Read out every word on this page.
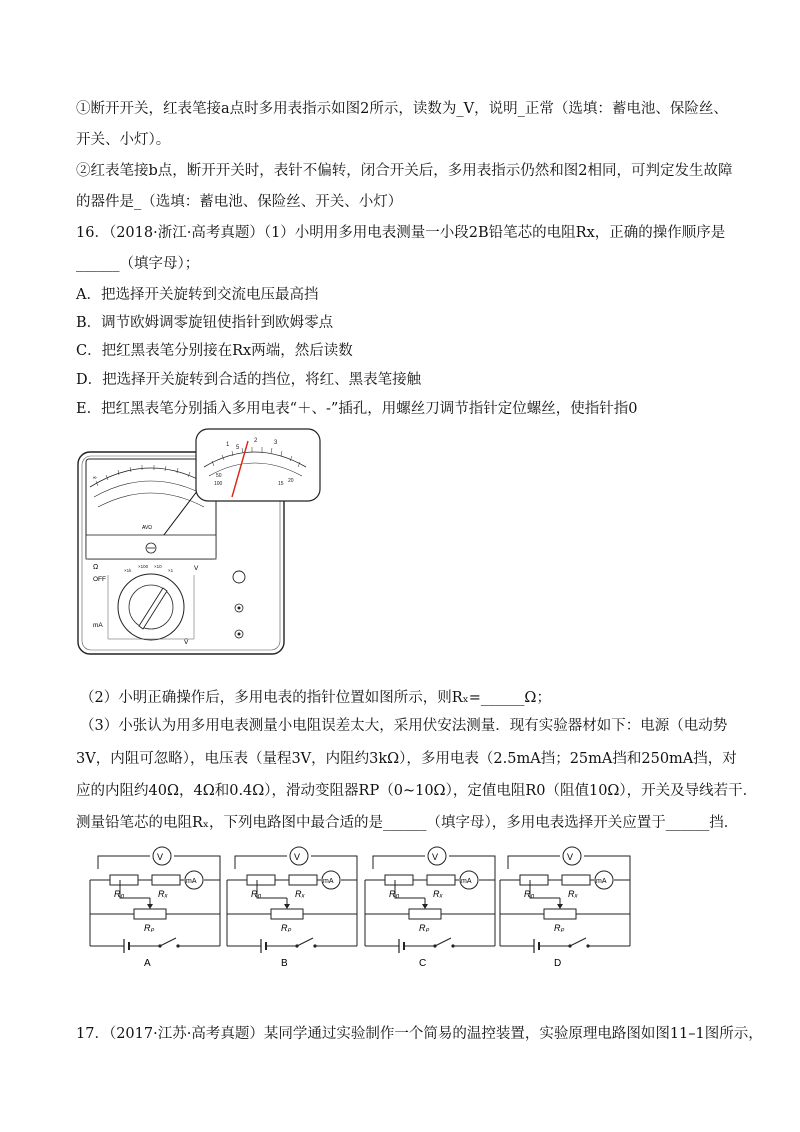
①断开开关，红表笔接a点时多用表指示如图2所示，读数为_V，说明_正常（选填：蓄电池、保险丝、
开关、小灯）。
②红表笔接b点，断开开关时，表针不偏转，闭合开关后，多用表指示仍然和图2相同，可判定发生故障
的器件是_（选填：蓄电池、保险丝、开关、小灯）
16．（2018·浙江·高考真题）（1）小明用多用电表测量一小段2B铅笔芯的电阻Rx，正确的操作顺序是
______（填字母）；
A．把选择开关旋转到交流电压最高挡
B．调节欧姆调零旋钮使指针到欧姆零点
C．把红黑表笔分别接在Rx两端，然后读数
D．把选择开关旋转到合适的挡位，将红、黑表笔接触
E．把红黑表笔分别插入多用电表“＋、-”插孔，用螺丝刀调节指针定位螺丝，使指针指0
∞
AVΩ
×1k
×100 ×10
×1
Ω
OFF
mA
V
Ṽ
1 5
2	3
50
100	15 20
（2）小明正确操作后，多用电表的指针位置如图所示，则Rₓ=______Ω；
（3）小张认为用多用电表测量小电阻误差太大，采用伏安法测量．现有实验器材如下：电源（电动势
3V，内阻可忽略），电压表（量程3V，内阻约3kΩ），多用电表（2.5mA挡；25mA挡和250mA挡，对
应的内阻约40Ω，4Ω和0.4Ω），滑动变阻器RP（0~10Ω），定值电阻R0（阻值10Ω），开关及导线若干．
测量铅笔芯的电阻Rₓ，下列电路图中最合适的是______（填字母），多用电表选择开关应置于______挡．
V
mA
R₀	Rₓ
Rₚ
A
V
mA
R₀	Rₓ
Rₚ
B
V
mA
R₀	Rₓ
Rₚ
C
V
mA
R₀	Rₓ
Rₚ
D
17．（2017·江苏·高考真题）某同学通过实验制作一个简易的温控装置，实验原理电路图如图11–1图所示，
